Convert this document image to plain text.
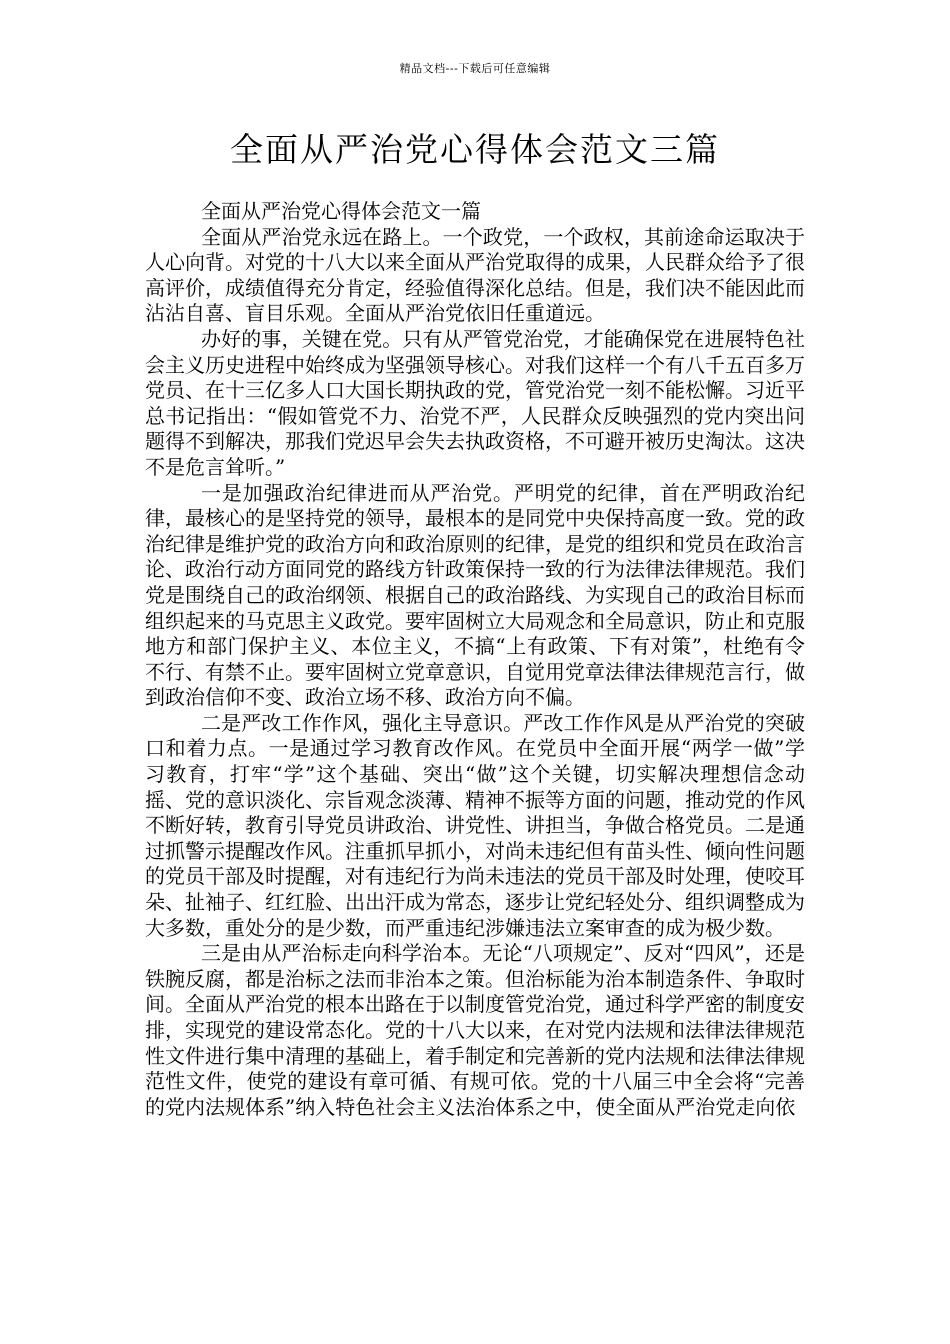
精品文档---下载后可任意编辑
全面从严治党心得体会范文三篇

全面从严治党心得体会范文一篇

全面从严治党永远在路上。一个政党，一个政权，其前途命运取决于人心向背。对党的十八大以来全面从严治党取得的成果，人民群众给予了很高评价，成绩值得充分肯定，经验值得深化总结。但是，我们决不能因此而沾沾自喜、盲目乐观。全面从严治党依旧任重道远。

办好的事，关键在党。只有从严管党治党，才能确保党在进展特色社会主义历史进程中始终成为坚强领导核心。对我们这样一个有八千五百多万党员、在十三亿多人口大国长期执政的党，管党治党一刻不能松懈。习近平总书记指出：“假如管党不力、治党不严，人民群众反映强烈的党内突出问题得不到解决，那我们党迟早会失去执政资格，不可避开被历史淘汰。这决不是危言耸听。”

一是加强政治纪律进而从严治党。严明党的纪律，首在严明政治纪律，最核心的是坚持党的领导，最根本的是同党中央保持高度一致。党的政治纪律是维护党的政治方向和政治原则的纪律，是党的组织和党员在政治言论、政治行动方面同党的路线方针政策保持一致的行为法律法律规范。我们党是围绕自己的政治纲领、根据自己的政治路线、为实现自己的政治目标而组织起来的马克思主义政党。要牢固树立大局观念和全局意识，防止和克服地方和部门保护主义、本位主义，不搞“上有政策、下有对策”，杜绝有令不行、有禁不止。要牢固树立党章意识，自觉用党章法律法律规范言行，做到政治信仰不变、政治立场不移、政治方向不偏。

二是严改工作作风，强化主导意识。严改工作作风是从严治党的突破口和着力点。一是通过学习教育改作风。在党员中全面开展“两学一做”学习教育，打牢“学”这个基础、突出“做”这个关键，切实解决理想信念动摇、党的意识淡化、宗旨观念淡薄、精神不振等方面的问题，推动党的作风不断好转，教育引导党员讲政治、讲党性、讲担当，争做合格党员。二是通过抓警示提醒改作风。注重抓早抓小，对尚未违纪但有苗头性、倾向性问题的党员干部及时提醒，对有违纪行为尚未违法的党员干部及时处理，使咬耳朵、扯袖子、红红脸、出出汗成为常态，逐步让党纪轻处分、组织调整成为大多数，重处分的是少数，而严重违纪涉嫌违法立案审查的成为极少数。

三是由从严治标走向科学治本。无论“八项规定”、反对“四风”，还是铁腕反腐，都是治标之法而非治本之策。但治标能为治本制造条件、争取时间。全面从严治党的根本出路在于以制度管党治党，通过科学严密的制度安排，实现党的建设常态化。党的十八大以来，在对党内法规和法律法律规范性文件进行集中清理的基础上，着手制定和完善新的党内法规和法律法律规范性文件，使党的建设有章可循、有规可依。党的十八届三中全会将“完善的党内法规体系”纳入特色社会主义法治体系之中，使全面从严治党走向依
